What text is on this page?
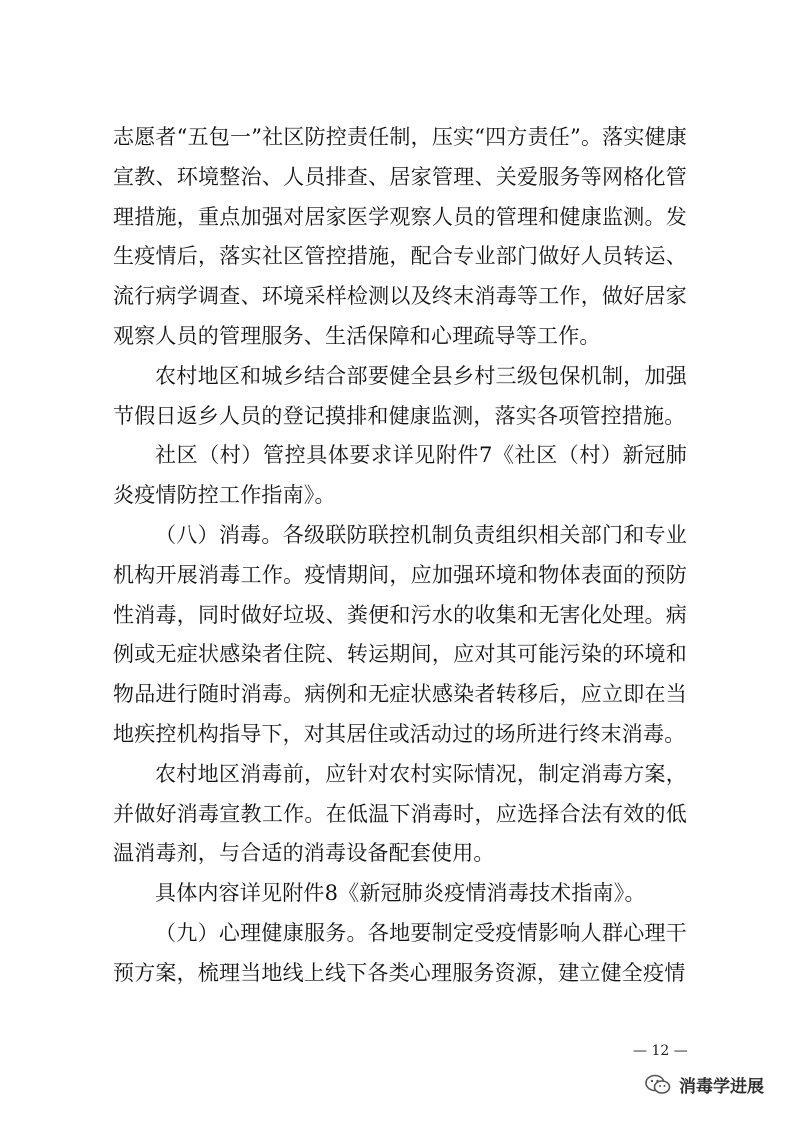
志愿者“五包一”社区防控责任制，压实“四方责任”。落实健康宣教、环境整治、人员排查、居家管理、关爱服务等网格化管理措施，重点加强对居家医学观察人员的管理和健康监测。发生疫情后，落实社区管控措施，配合专业部门做好人员转运、流行病学调查、环境采样检测以及终末消毒等工作，做好居家观察人员的管理服务、生活保障和心理疏导等工作。

农村地区和城乡结合部要健全县乡村三级包保机制，加强节假日返乡人员的登记摸排和健康监测，落实各项管控措施。

社区（村）管控具体要求详见附件7《社区（村）新冠肺炎疫情防控工作指南》。

（八）消毒。各级联防联控机制负责组织相关部门和专业机构开展消毒工作。疫情期间，应加强环境和物体表面的预防性消毒，同时做好垃圾、粪便和污水的收集和无害化处理。病例或无症状感染者住院、转运期间，应对其可能污染的环境和物品进行随时消毒。病例和无症状感染者转移后，应立即在当地疾控机构指导下，对其居住或活动过的场所进行终末消毒。

农村地区消毒前，应针对农村实际情况，制定消毒方案，并做好消毒宣教工作。在低温下消毒时，应选择合法有效的低温消毒剂，与合适的消毒设备配套使用。

具体内容详见附件8《新冠肺炎疫情消毒技术指南》。

（九）心理健康服务。各地要制定受疫情影响人群心理干预方案，梳理当地线上线下各类心理服务资源，建立健全疫情

— 12 —
消毒学进展
